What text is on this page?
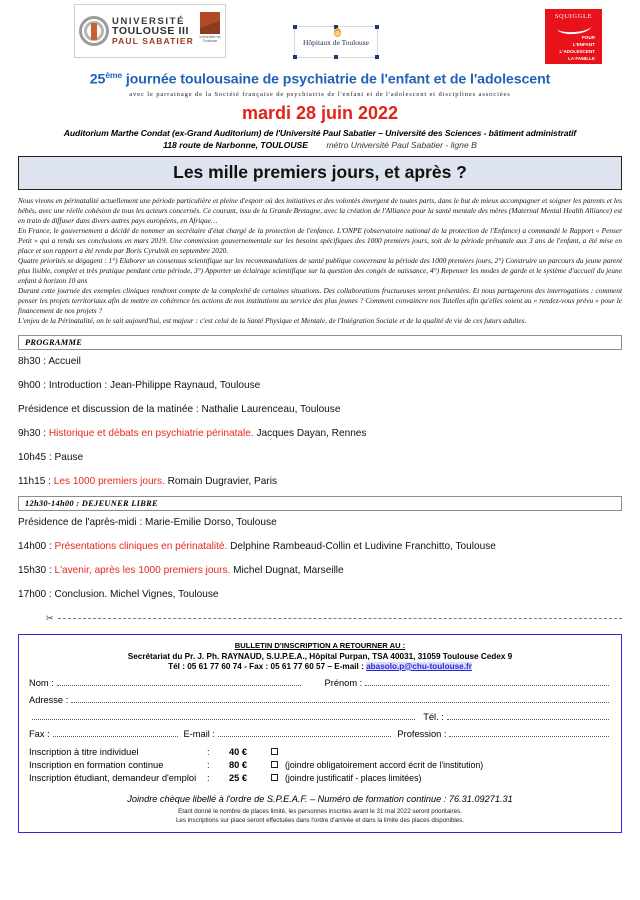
UNIVERSITÉ
TOULOUSE III
PAUL SABATIER	Université de Toulouse	Hôpitaux de Toulouse
SQUIGGLE
POUR
L'ENFANT
L'ADOLESCENT
LA FAMILLE
25ème journée toulousaine de psychiatrie de l'enfant et de l'adolescent
avec le parrainage de la Société française de psychiatrie de l'enfant et de l'adolescent et disciplines associées
mardi 28 juin 2022
Auditorium Marthe Condat (ex-Grand Auditorium) de l'Université Paul Sabatier – Université des Sciences - bâtiment administratif
118 route de Narbonne, TOULOUSE métro Université Paul Sabatier - ligne B
Les mille premiers jours, et après ?

Nous vivons en périnatalité actuellement une période particulière et pleine d'espoir où des initiatives et des volontés émergent de toutes parts, dans le but de mieux accompagner et soigner les parents et les bébés, avec une réelle cohésion de tous les acteurs concernés. Ce courant, issu de la Grande Bretagne, avec la création de l'Alliance pour la santé mentale des mères (Maternal Mental Health Alliance) est en train de diffuser dans divers autres pays européens, en Afrique…

En France, le gouvernement a décidé de nommer un secrétaire d'état chargé de la protection de l'enfance. L'ONPE (observatoire national de la protection de l'Enfance) a commandé le Rapport « Penser Petit » qui a rendu ses conclusions en mars 2019. Une commission gouvernementale sur les besoins spécifiques des 1000 premiers jours, soit de la période prénatale aux 3 ans de l'enfant, a été mise en place et son rapport a été rendu par Boris Cyrulnik en septembre 2020.

Quatre priorités se dégagent : 1°) Elaborer un consensus scientifique sur les recommandations de santé publique concernant la période des 1000 premiers jours, 2°) Construire un parcours du jeune parent plus lisible, complet et très pratique pendant cette période, 3°) Apporter un éclairage scientifique sur la question des congés de naissance, 4°) Repenser les modes de garde et le système d'accueil du jeune enfant à horizon 10 ans

Durant cette journée des exemples cliniques rendront compte de la complexité de certaines situations. Des collaborations fructueuses seront présentées. Et nous partagerons des interrogations : comment penser les projets territoriaux afin de mettre en cohérence les actions de nos institutions au service des plus jeunes ? Comment convaincre nos Tutelles afin qu'elles soient au « rendez-vous prévu » pour le financement de nos projets ?

L'enjeu de la Périnatalité, on le sait aujourd'hui, est majeur : c'est celui de la Santé Physique et Mentale, de l'Intégration Sociale et de la qualité de vie de ces futurs adultes.

PROGRAMME
8h30 : Accueil
9h00 : Introduction : Jean-Philippe Raynaud, Toulouse
Présidence et discussion de la matinée : Nathalie Laurenceau, Toulouse
9h30 : Historique et débats en psychiatrie périnatale. Jacques Dayan, Rennes
10h45 : Pause
11h15 : Les 1000 premiers jours. Romain Dugravier, Paris
12h30-14h00 : DEJEUNER LIBRE
Présidence de l'après-midi : Marie-Emilie Dorso, Toulouse
14h00 : Présentations cliniques en périnatalité. Delphine Rambeaud-Collin et Ludivine Franchitto, Toulouse
15h30 : L'avenir, après les 1000 premiers jours. Michel Dugnat, Marseille
17h00 : Conclusion. Michel Vignes, Toulouse
✂
BULLETIN D'INSCRIPTION A RETOURNER AU :
Secrétariat du Pr. J. Ph. RAYNAUD, S.U.P.E.A., Hôpital Purpan, TSA 40031, 31059 Toulouse Cedex 9
Tél : 05 61 77 60 74 - Fax : 05 61 77 60 57 – E-mail : abasolo.p@chu-toulouse.fr
Nom :	Prénom :
Adresse :
Tél. :
Fax :	E-mail :	Profession :
Inscription à titre individuel	:	40 €
Inscription en formation continue	:	80 €	(joindre obligatoirement accord écrit de l'institution)
Inscription étudiant, demandeur d'emploi	:	25 €	(joindre justificatif - places limitées)
Joindre chèque libellé à l'ordre de S.P.E.A.F. – Numéro de formation continue : 76.31.09271.31
Etant donné le nombre de places limité, les personnes inscrites avant le 31 mai 2022 seront prioritaires.
Les inscriptions sur place seront effectuées dans l'ordre d'arrivée et dans la limite des places disponibles.
